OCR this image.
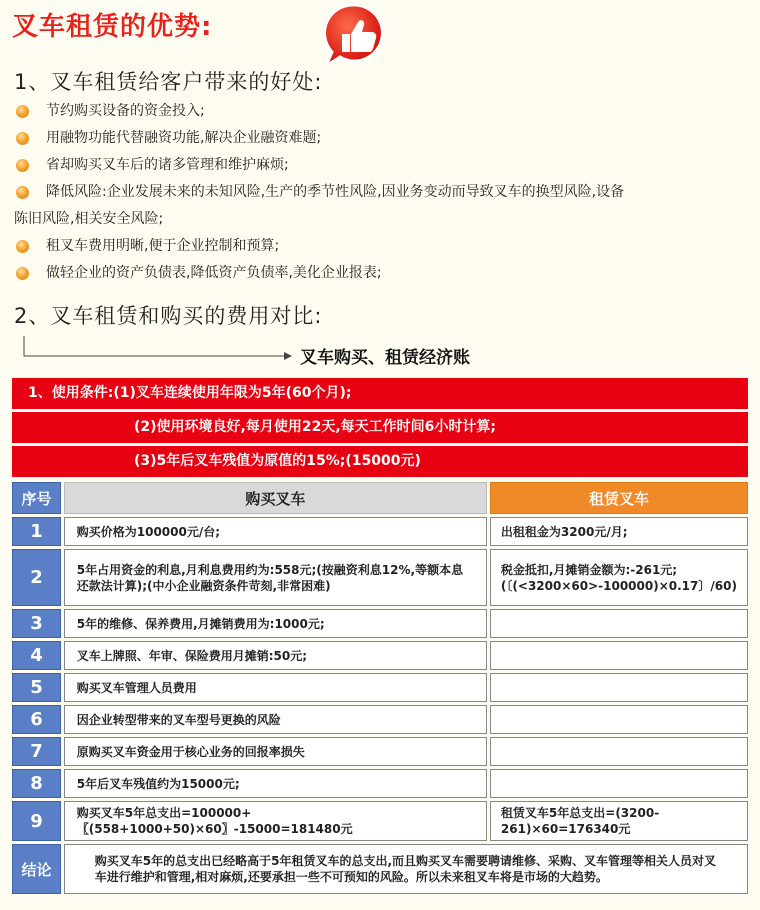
叉车租赁的优势:
1、叉车租赁给客户带来的好处:
节约购买设备的资金投入;
用融物功能代替融资功能,解决企业融资难题;
省却购买叉车后的诸多管理和维护麻烦;
降低风险:企业发展未来的未知风险,生产的季节性风险,因业务变动而导致叉车的换型风险,设备
陈旧风险,相关安全风险;
租叉车费用明晰,便于企业控制和预算;
做轻企业的资产负债表,降低资产负债率,美化企业报表;
2、叉车租赁和购买的费用对比:
叉车购买、租赁经济账
1、使用条件:(1)叉车连续使用年限为5年(60个月);
(2)使用环境良好,每月使用22天,每天工作时间6小时计算;
(3)5年后叉车残值为原值的15%;(15000元)
序号		购买叉车		租赁叉车
1		购买价格为100000元/台;		出租租金为3200元/月;
2		5年占用资金的利息,月利息费用约为:558元;(按融资利息12%,等额本息还款法计算);(中小企业融资条件苛刻,非常困难)		税金抵扣,月摊销金额为:-261元;(〔(<3200×60>-100000)×0.17〕/60)
3		5年的维修、保养费用,月摊销费用为:1000元;		
4		叉车上牌照、年审、保险费用月摊销:50元;		
5		购买叉车管理人员费用		
6		因企业转型带来的叉车型号更换的风险		
7		原购买叉车资金用于核心业务的回报率损失		
8		5年后叉车残值约为15000元;		
9		购买叉车5年总支出=100000+〖(558+1000+50)×60〗-15000=181480元		租赁叉车5年总支出=(3200-261)×60=176340元
结论		购买叉车5年的总支出已经略高于5年租赁叉车的总支出,而且购买叉车需要聘请维修、采购、叉车管理等相关人员对叉车进行维护和管理,相对麻烦,还要承担一些不可预知的风险。所以未来租叉车将是市场的大趋势。		
